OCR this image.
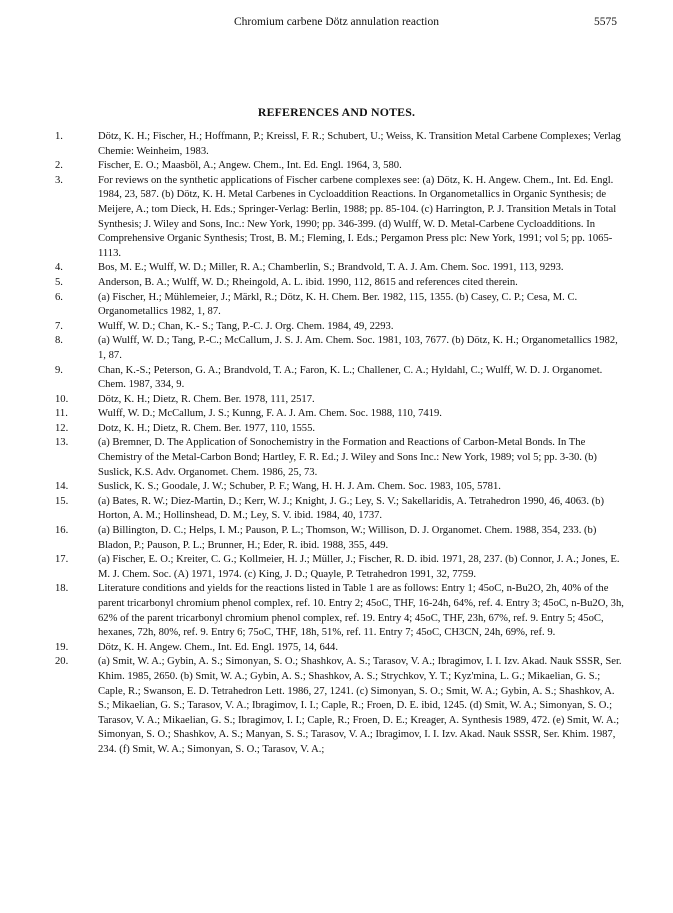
Chromium carbene Dötz annulation reaction	5575
REFERENCES AND NOTES.
1.	Dötz, K. H.; Fischer, H.; Hoffmann, P.; Kreissl, F. R.; Schubert, U.; Weiss, K. Transition Metal Carbene Complexes; Verlag Chemie: Weinheim, 1983.
2.	Fischer, E. O.; Maasböl, A.; Angew. Chem., Int. Ed. Engl. 1964, 3, 580.
3.	For reviews on the synthetic applications of Fischer carbene complexes see: (a) Dötz, K. H. Angew. Chem., Int. Ed. Engl. 1984, 23, 587. (b) Dötz, K. H. Metal Carbenes in Cycloaddition Reactions. In Organometallics in Organic Synthesis; de Meijere, A.; tom Dieck, H. Eds.; Springer-Verlag: Berlin, 1988; pp. 85-104. (c) Harrington, P. J. Transition Metals in Total Synthesis; J. Wiley and Sons, Inc.: New York, 1990; pp. 346-399. (d) Wulff, W. D. Metal-Carbene Cycloadditions. In Comprehensive Organic Synthesis; Trost, B. M.; Fleming, I. Eds.; Pergamon Press plc: New York, 1991; vol 5; pp. 1065-1113.
4.	Bos, M. E.; Wulff, W. D.; Miller, R. A.; Chamberlin, S.; Brandvold, T. A. J. Am. Chem. Soc. 1991, 113, 9293.
5.	Anderson, B. A.; Wulff, W. D.; Rheingold, A. L. ibid. 1990, 112, 8615 and references cited therein.
6.	(a) Fischer, H.; Mühlemeier, J.; Märkl, R.; Dötz, K. H. Chem. Ber. 1982, 115, 1355. (b) Casey, C. P.; Cesa, M. C. Organometallics 1982, 1, 87.
7.	Wulff, W. D.; Chan, K.- S.; Tang, P.-C. J. Org. Chem. 1984, 49, 2293.
8.	(a) Wulff, W. D.; Tang, P.-C.; McCallum, J. S. J. Am. Chem. Soc. 1981, 103, 7677. (b) Dötz, K. H.; Organometallics 1982, 1, 87.
9.	Chan, K.-S.; Peterson, G. A.; Brandvold, T. A.; Faron, K. L.; Challener, C. A.; Hyldahl, C.; Wulff, W. D. J. Organomet. Chem. 1987, 334, 9.
10.	Dötz, K. H.; Dietz, R. Chem. Ber. 1978, 111, 2517.
11.	Wulff, W. D.; McCallum, J. S.; Kunng, F. A. J. Am. Chem. Soc. 1988, 110, 7419.
12.	Dotz, K. H.; Dietz, R. Chem. Ber. 1977, 110, 1555.
13.	(a) Bremner, D. The Application of Sonochemistry in the Formation and Reactions of Carbon-Metal Bonds. In The Chemistry of the Metal-Carbon Bond; Hartley, F. R. Ed.; J. Wiley and Sons Inc.: New York, 1989; vol 5; pp. 3-30. (b) Suslick, K.S. Adv. Organomet. Chem. 1986, 25, 73.
14.	Suslick, K. S.; Goodale, J. W.; Schuber, P. F.; Wang, H. H. J. Am. Chem. Soc. 1983, 105, 5781.
15.	(a) Bates, R. W.; Diez-Martin, D.; Kerr, W. J.; Knight, J. G.; Ley, S. V.; Sakellaridis, A. Tetrahedron 1990, 46, 4063. (b) Horton, A. M.; Hollinshead, D. M.; Ley, S. V. ibid. 1984, 40, 1737.
16.	(a) Billington, D. C.; Helps, I. M.; Pauson, P. L.; Thomson, W.; Willison, D. J. Organomet. Chem. 1988, 354, 233. (b) Bladon, P.; Pauson, P. L.; Brunner, H.; Eder, R. ibid. 1988, 355, 449.
17.	(a) Fischer, E. O.; Kreiter, C. G.; Kollmeier, H. J.; Müller, J.; Fischer, R. D. ibid. 1971, 28, 237. (b) Connor, J. A.; Jones, E. M. J. Chem. Soc. (A) 1971, 1974. (c) King, J. D.; Quayle, P. Tetrahedron 1991, 32, 7759.
18.	Literature conditions and yields for the reactions listed in Table 1 are as follows: Entry 1; 45oC, n-Bu2O, 2h, 40% of the parent tricarbonyl chromium phenol complex, ref. 10. Entry 2; 45oC, THF, 16-24h, 64%, ref. 4. Entry 3; 45oC, n-Bu2O, 3h, 62% of the parent tricarbonyl chromium phenol complex, ref. 19. Entry 4; 45oC, THF, 23h, 67%, ref. 9. Entry 5; 45oC, hexanes, 72h, 80%, ref. 9. Entry 6; 75oC, THF, 18h, 51%, ref. 11. Entry 7; 45oC, CH3CN, 24h, 69%, ref. 9.
19.	Dötz, K. H. Angew. Chem., Int. Ed. Engl. 1975, 14, 644.
20.	(a) Smit, W. A.; Gybin, A. S.; Simonyan, S. O.; Shashkov, A. S.; Tarasov, V. A.; Ibragimov, I. I. Izv. Akad. Nauk SSSR, Ser. Khim. 1985, 2650. (b) Smit, W. A.; Gybin, A. S.; Shashkov, A. S.; Strychkov, Y. T.; Kyz'mina, L. G.; Mikaelian, G. S.; Caple, R.; Swanson, E. D. Tetrahedron Lett. 1986, 27, 1241. (c) Simonyan, S. O.; Smit, W. A.; Gybin, A. S.; Shashkov, A. S.; Mikaelian, G. S.; Tarasov, V. A.; Ibragimov, I. I.; Caple, R.; Froen, D. E. ibid, 1245. (d) Smit, W. A.; Simonyan, S. O.; Tarasov, V. A.; Mikaelian, G. S.; Ibragimov, I. I.; Caple, R.; Froen, D. E.; Kreager, A. Synthesis 1989, 472. (e) Smit, W. A.; Simonyan, S. O.; Shashkov, A. S.; Manyan, S. S.; Tarasov, V. A.; Ibragimov, I. I. Izv. Akad. Nauk SSSR, Ser. Khim. 1987, 234. (f) Smit, W. A.; Simonyan, S. O.; Tarasov, V. A.;
